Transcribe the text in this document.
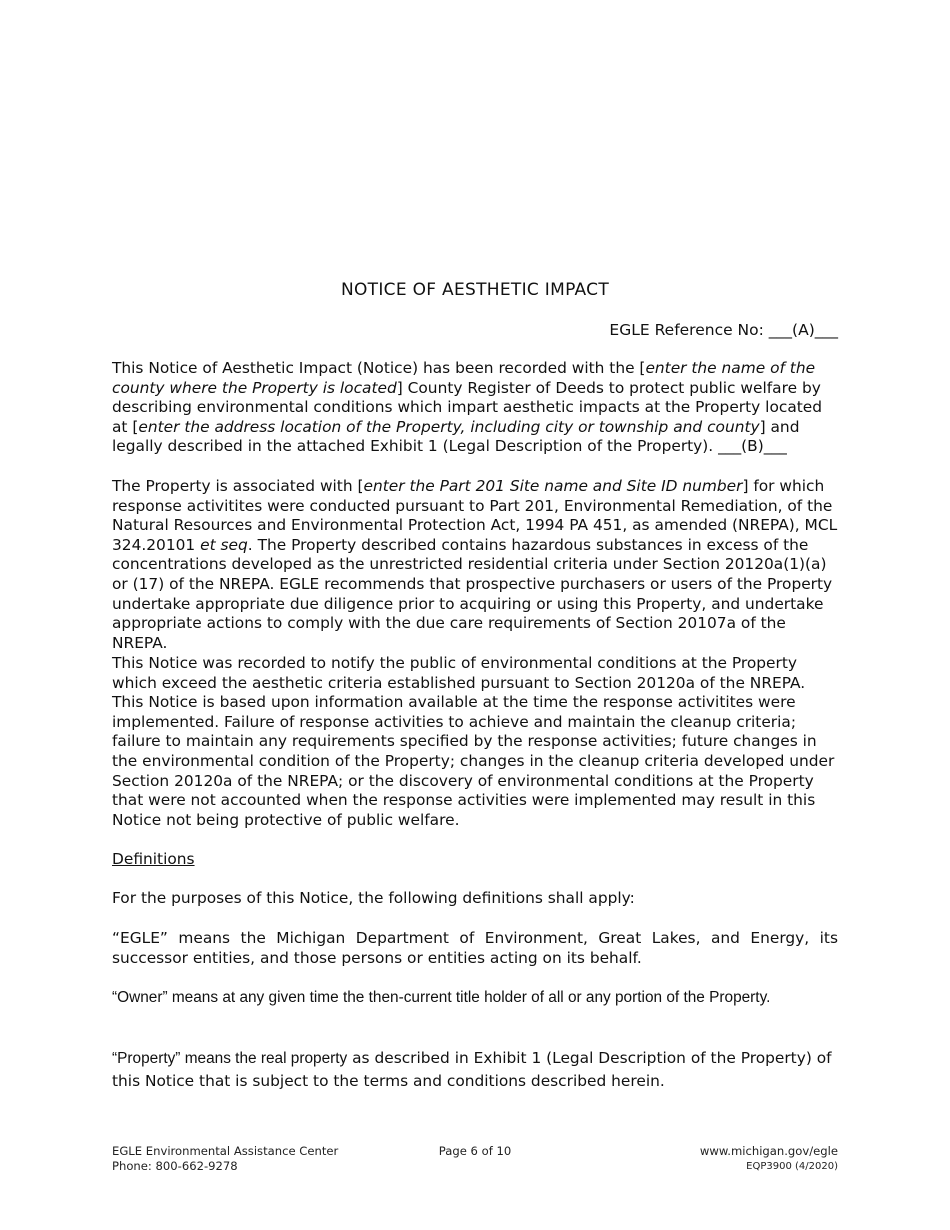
NOTICE OF AESTHETIC IMPACT
EGLE Reference No: ___(A)___

This Notice of Aesthetic Impact (Notice) has been recorded with the [enter the name of the county where the Property is located] County Register of Deeds to protect public welfare by describing environmental conditions which impart aesthetic impacts at the Property located at [enter the address location of the Property, including city or township and county] and legally described in the attached Exhibit 1 (Legal Description of the Property). ___(B)___

The Property is associated with [enter the Part 201 Site name and Site ID number] for which response activitites were conducted pursuant to Part 201, Environmental Remediation, of the Natural Resources and Environmental Protection Act, 1994 PA 451, as amended (NREPA), MCL 324.20101 et seq. The Property described contains hazardous substances in excess of the concentrations developed as the unrestricted residential criteria under Section 20120a(1)(a) or (17) of the NREPA. EGLE recommends that prospective purchasers or users of the Property undertake appropriate due diligence prior to acquiring or using this Property, and undertake appropriate actions to comply with the due care requirements of Section 20107a of the NREPA.

This Notice was recorded to notify the public of environmental conditions at the Property which exceed the aesthetic criteria established pursuant to Section 20120a of the NREPA. This Notice is based upon information available at the time the response activitites were implemented. Failure of response activities to achieve and maintain the cleanup criteria; failure to maintain any requirements specified by the response activities; future changes in the environmental condition of the Property; changes in the cleanup criteria developed under Section 20120a of the NREPA; or the discovery of environmental conditions at the Property that were not accounted when the response activities were implemented may result in this Notice not being protective of public welfare.

Definitions

For the purposes of this Notice, the following definitions shall apply:

“EGLE” means the Michigan Department of Environment, Great Lakes, and Energy, its successor entities, and those persons or entities acting on its behalf.

“Owner” means at any given time the then-current title holder of all or any portion of the Property.

“Property” means the real property as described in Exhibit 1 (Legal Description of the Property) of this Notice that is subject to the terms and conditions described herein.

EGLE Environmental Assistance Center
Phone: 800-662-9278
Page 6 of 10	www.michigan.gov/egle
EQP3900 (4/2020)
